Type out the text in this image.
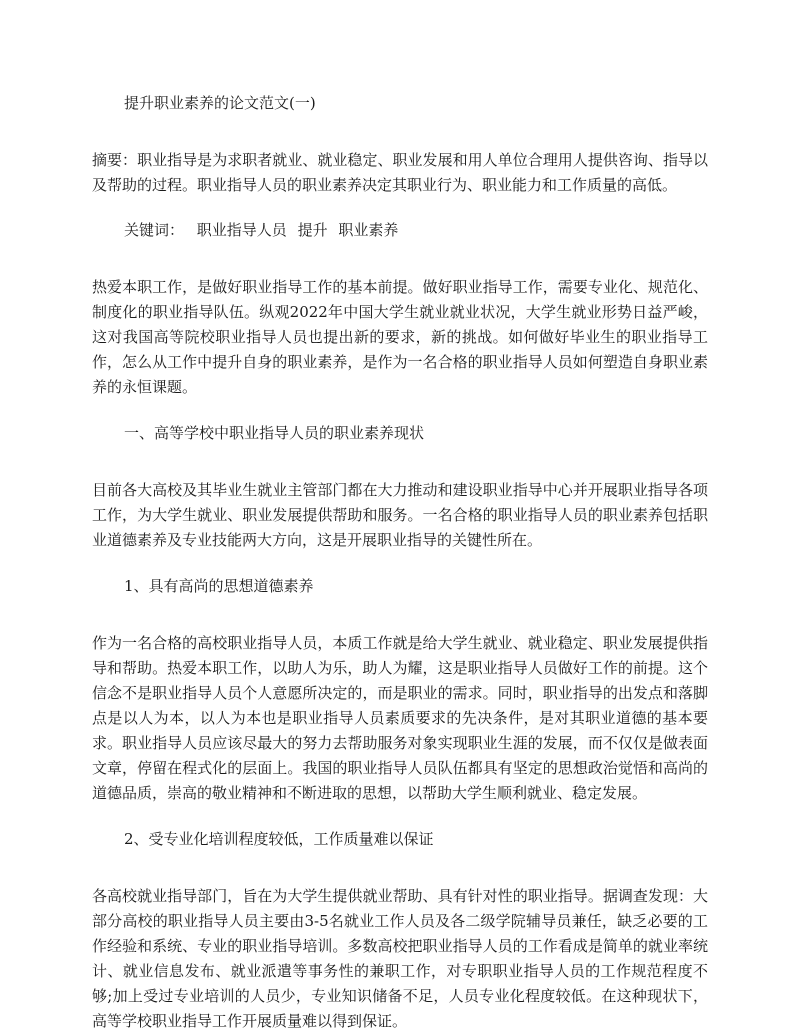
提升职业素养的论文范文(一)

摘要：职业指导是为求职者就业、就业稳定、职业发展和用人单位合理用人提供咨询、指导以及帮助的过程。职业指导人员的职业素养决定其职业行为、职业能力和工作质量的高低。

关键词： 职业指导人员 提升 职业素养

热爱本职工作，是做好职业指导工作的基本前提。做好职业指导工作，需要专业化、规范化、制度化的职业指导队伍。纵观2022年中国大学生就业就业状况，大学生就业形势日益严峻，这对我国高等院校职业指导人员也提出新的要求，新的挑战。如何做好毕业生的职业指导工作，怎么从工作中提升自身的职业素养，是作为一名合格的职业指导人员如何塑造自身职业素养的永恒课题。

一、高等学校中职业指导人员的职业素养现状

目前各大高校及其毕业生就业主管部门都在大力推动和建设职业指导中心并开展职业指导各项工作，为大学生就业、职业发展提供帮助和服务。一名合格的职业指导人员的职业素养包括职业道德素养及专业技能两大方向，这是开展职业指导的关键性所在。

1、具有高尚的思想道德素养

作为一名合格的高校职业指导人员，本质工作就是给大学生就业、就业稳定、职业发展提供指导和帮助。热爱本职工作，以助人为乐，助人为耀，这是职业指导人员做好工作的前提。这个信念不是职业指导人员个人意愿所决定的，而是职业的需求。同时，职业指导的出发点和落脚点是以人为本，以人为本也是职业指导人员素质要求的先决条件，是对其职业道德的基本要求。职业指导人员应该尽最大的努力去帮助服务对象实现职业生涯的发展，而不仅仅是做表面文章，停留在程式化的层面上。我国的职业指导人员队伍都具有坚定的思想政治觉悟和高尚的道德品质，崇高的敬业精神和不断进取的思想，以帮助大学生顺利就业、稳定发展。

2、受专业化培训程度较低，工作质量难以保证

各高校就业指导部门，旨在为大学生提供就业帮助、具有针对性的职业指导。据调查发现：大部分高校的职业指导人员主要由3-5名就业工作人员及各二级学院辅导员兼任，缺乏必要的工作经验和系统、专业的职业指导培训。多数高校把职业指导人员的工作看成是简单的就业率统计、就业信息发布、就业派遣等事务性的兼职工作，对专职职业指导人员的工作规范程度不够;加上受过专业培训的人员少，专业知识储备不足，人员专业化程度较低。在这种现状下，高等学校职业指导工作开展质量难以得到保证。
